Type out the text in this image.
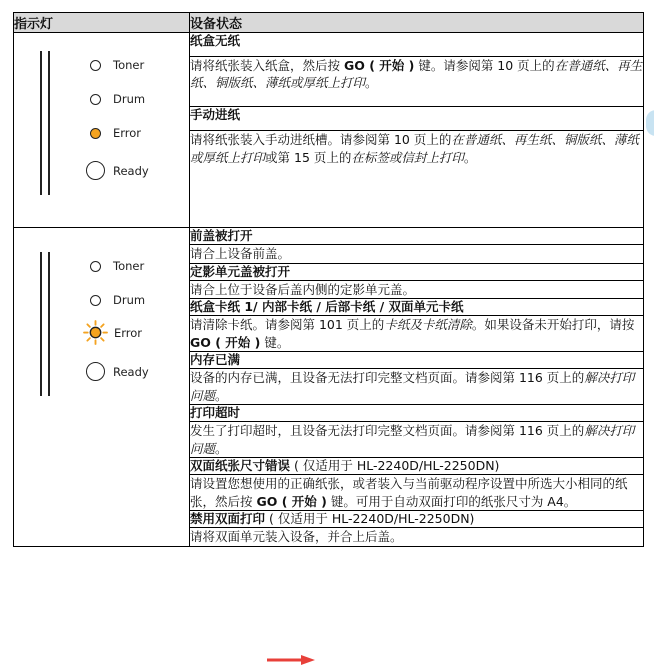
指示灯	设备状态

Toner
Drum
Error
Ready	纸盒无纸
	请将纸张装入纸盒，然后按 GO ( 开始 ) 键。请参阅第 10 页上的在普通纸、再生纸、铜版纸、薄纸或厚纸上打印。
	手动进纸
	请将纸张装入手动进纸槽。请参阅第 10 页上的在普通纸、再生纸、铜版纸、薄纸或厚纸上打印或第 15 页上的在标签或信封上打印。

Toner
Drum
Error
Ready	前盖被打开
	请合上设备前盖。
	定影单元盖被打开
	请合上位于设备后盖内侧的定影单元盖。
	纸盒卡纸 1/ 内部卡纸 / 后部卡纸 / 双面单元卡纸
	请清除卡纸。请参阅第 101 页上的卡纸及卡纸清除。如果设备未开始打印，请按 GO ( 开始 ) 键。
	内存已满
	设备的内存已满，且设备无法打印完整文档页面。请参阅第 116 页上的解决打印问题。
	打印超时
	发生了打印超时，且设备无法打印完整文档页面。请参阅第 116 页上的解决打印问题。
	双面纸张尺寸错误 ( 仅适用于 HL-2240D/HL-2250DN)
	请设置您想使用的正确纸张，或者装入与当前驱动程序设置中所选大小相同的纸张，然后按 GO ( 开始 ) 键。可用于自动双面打印的纸张尺寸为 A4。
	禁用双面打印 ( 仅适用于 HL-2240D/HL-2250DN)
	请将双面单元装入设备，并合上后盖。
